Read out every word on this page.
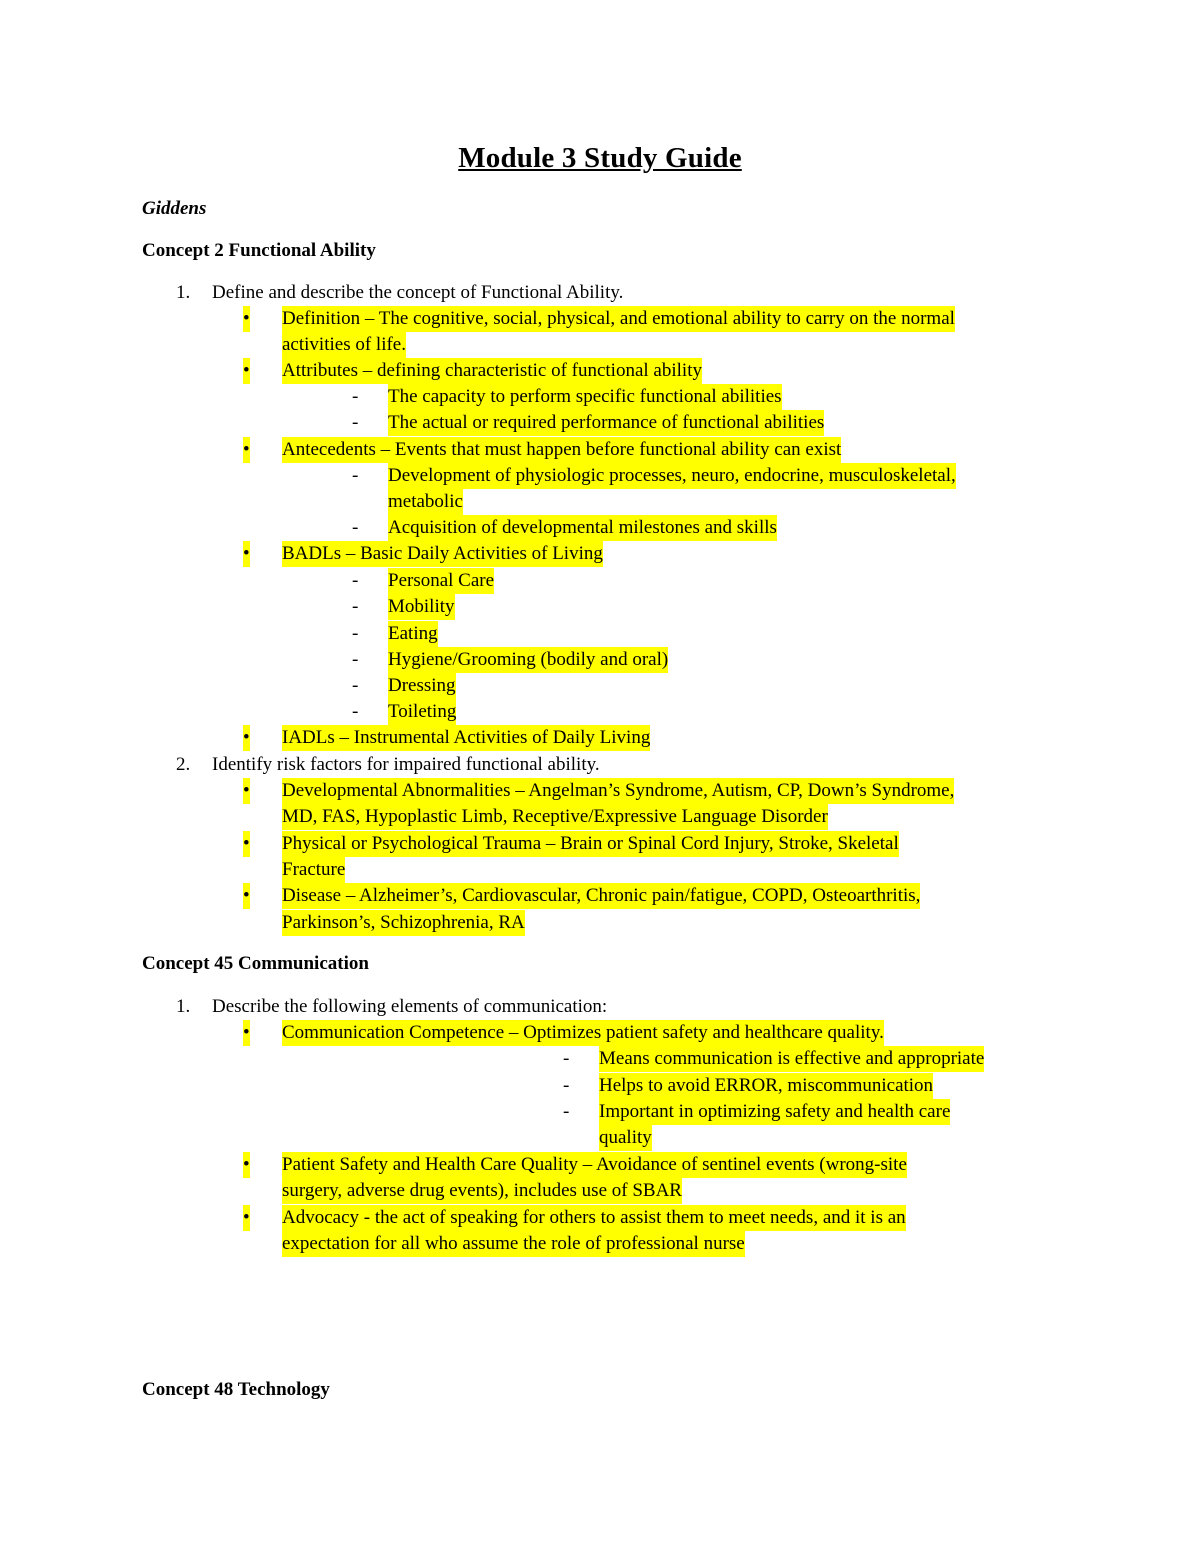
Module 3 Study Guide
Giddens
Concept 2 Functional Ability
1. Define and describe the concept of Functional Ability.
• Definition – The cognitive, social, physical, and emotional ability to carry on the normal
activities of life.
• Attributes – defining characteristic of functional ability
- The capacity to perform specific functional abilities
- The actual or required performance of functional abilities
• Antecedents – Events that must happen before functional ability can exist
- Development of physiologic processes, neuro, endocrine, musculoskeletal,
metabolic
- Acquisition of developmental milestones and skills
• BADLs – Basic Daily Activities of Living
- Personal Care
- Mobility
- Eating
- Hygiene/Grooming (bodily and oral)
- Dressing
- Toileting
• IADLs – Instrumental Activities of Daily Living
2. Identify risk factors for impaired functional ability.
• Developmental Abnormalities – Angelman’s Syndrome, Autism, CP, Down’s Syndrome,
MD, FAS, Hypoplastic Limb, Receptive/Expressive Language Disorder
• Physical or Psychological Trauma – Brain or Spinal Cord Injury, Stroke, Skeletal
Fracture
• Disease – Alzheimer’s, Cardiovascular, Chronic pain/fatigue, COPD, Osteoarthritis,
Parkinson’s, Schizophrenia, RA
Concept 45 Communication
1. Describe the following elements of communication:
• Communication Competence – Optimizes patient safety and healthcare quality.
- Means communication is effective and appropriate
- Helps to avoid ERROR, miscommunication
- Important in optimizing safety and health care
quality
• Patient Safety and Health Care Quality – Avoidance of sentinel events (wrong-site
surgery, adverse drug events), includes use of SBAR
• Advocacy - the act of speaking for others to assist them to meet needs, and it is an
expectation for all who assume the role of professional nurse
Concept 48 Technology
